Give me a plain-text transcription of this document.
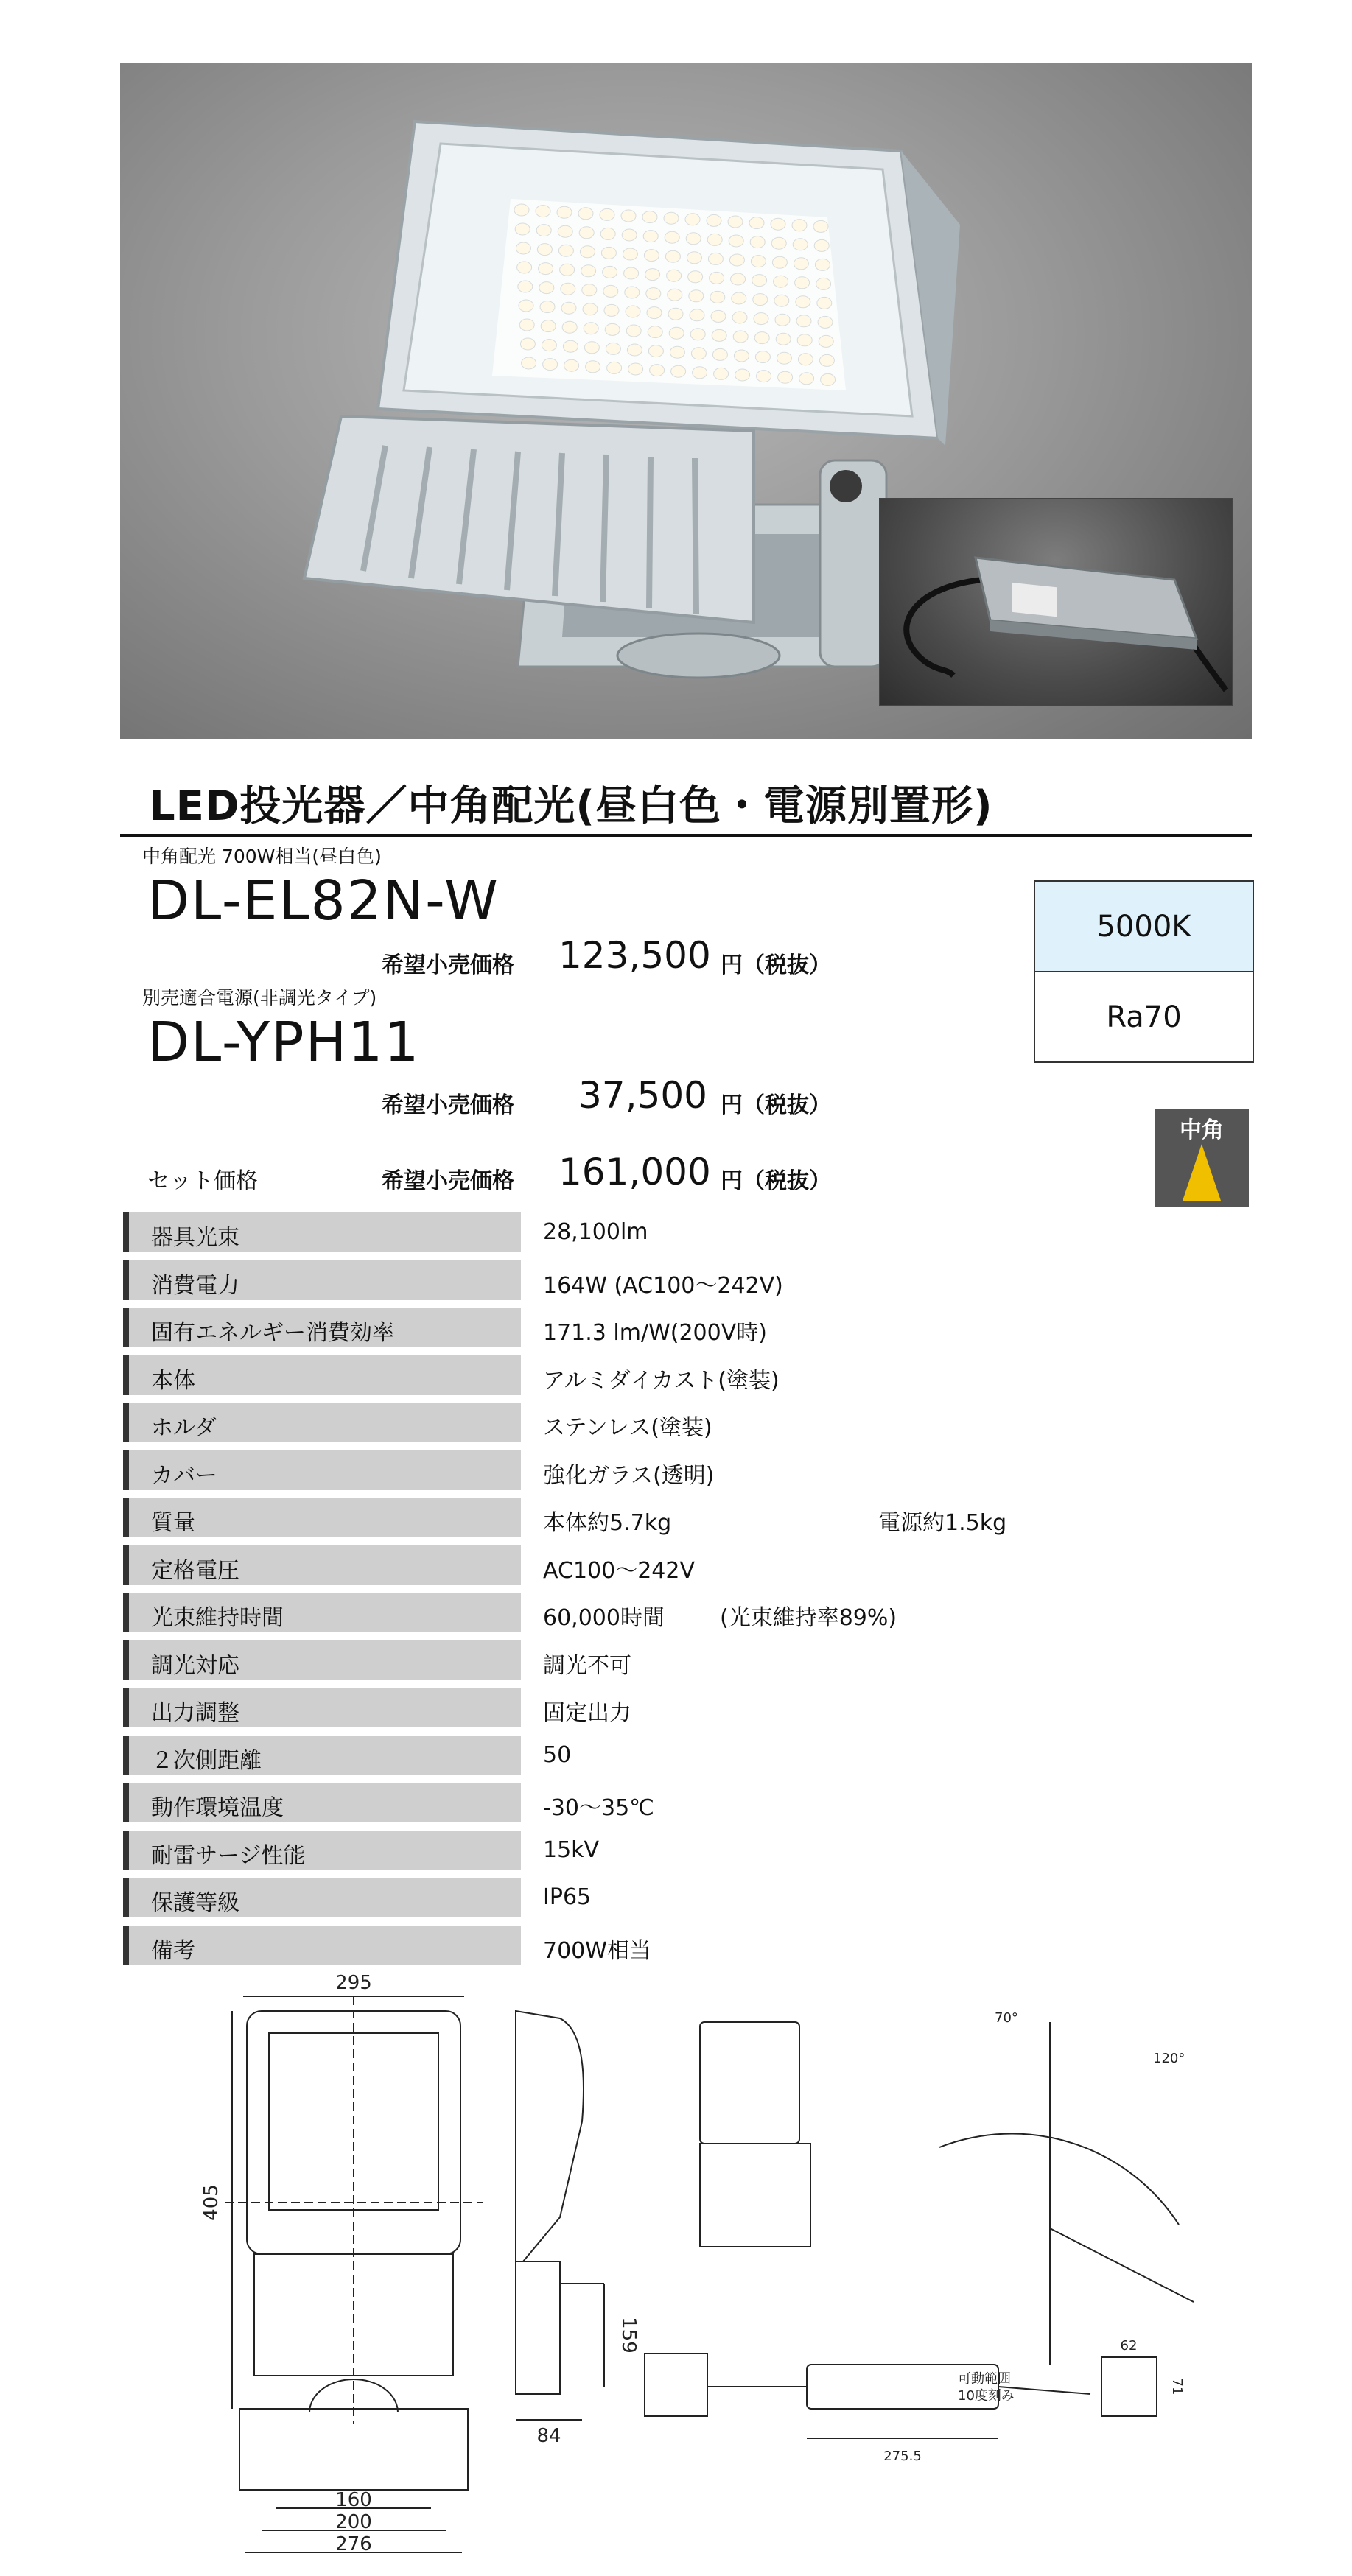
LED投光器／中角配光(昼白色・電源別置形)
中角配光 700W相当(昼白色)
DL-EL82N-W
希望小売価格 123,500 円（税抜）
別売適合電源(非調光タイプ)
DL-YPH11
希望小売価格 37,500 円（税抜）
セット価格	希望小売価格 161,000 円（税抜）
5000K
Ra70
中角
器具光束	28,100lm
消費電力	164W (AC100〜242V)
固有エネルギー消費効率	171.3 lm/W(200V時)
本体	アルミダイカスト(塗装)
ホルダ	ステンレス(塗装)
カバー	強化ガラス(透明)
質量	本体約5.7kg	電源約1.5kg
定格電圧	AC100〜242V
光束維持時間	60,000時間	(光束維持率89%)
調光対応	調光不可
出力調整	固定出力
２次側距離	50
動作環境温度	-30〜35℃
耐雷サージ性能	15kV
保護等級	IP65
備考	700W相当
295
405
160
200
276
84
159
70°
120°
可動範囲
10度刻み
275.5
62
71
